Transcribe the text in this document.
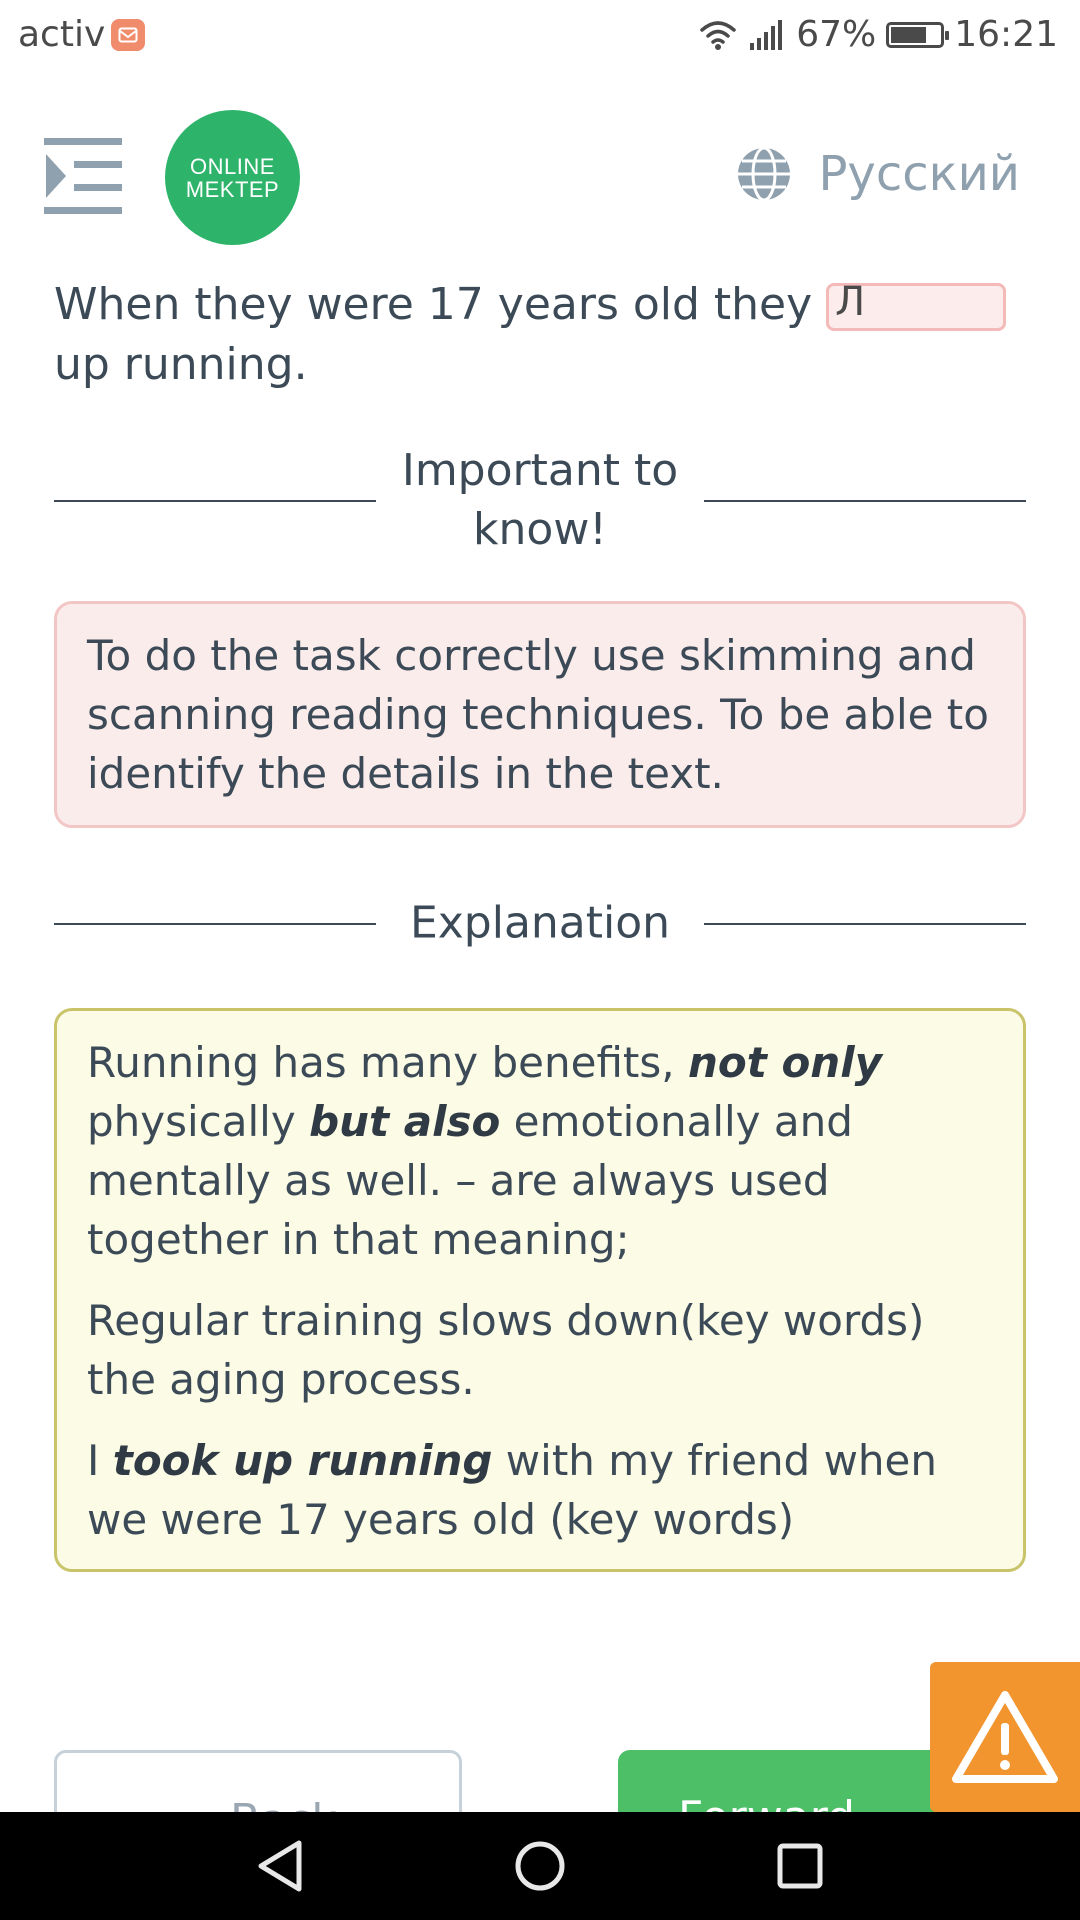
activ	67% 16:21
ONLINE
MEKTEP	Русский
When they were 17 years old they Л up running.
Important to know!
To do the task correctly use skimming and scanning reading techniques. To be able to identify the details in the text.
Explanation

Running has many benefits, not only physically but also emotionally and mentally as well. – are always used together in that meaning;

Regular training slows down(key words) the aging process.

I took up running with my friend when we were 17 years old (key words)
